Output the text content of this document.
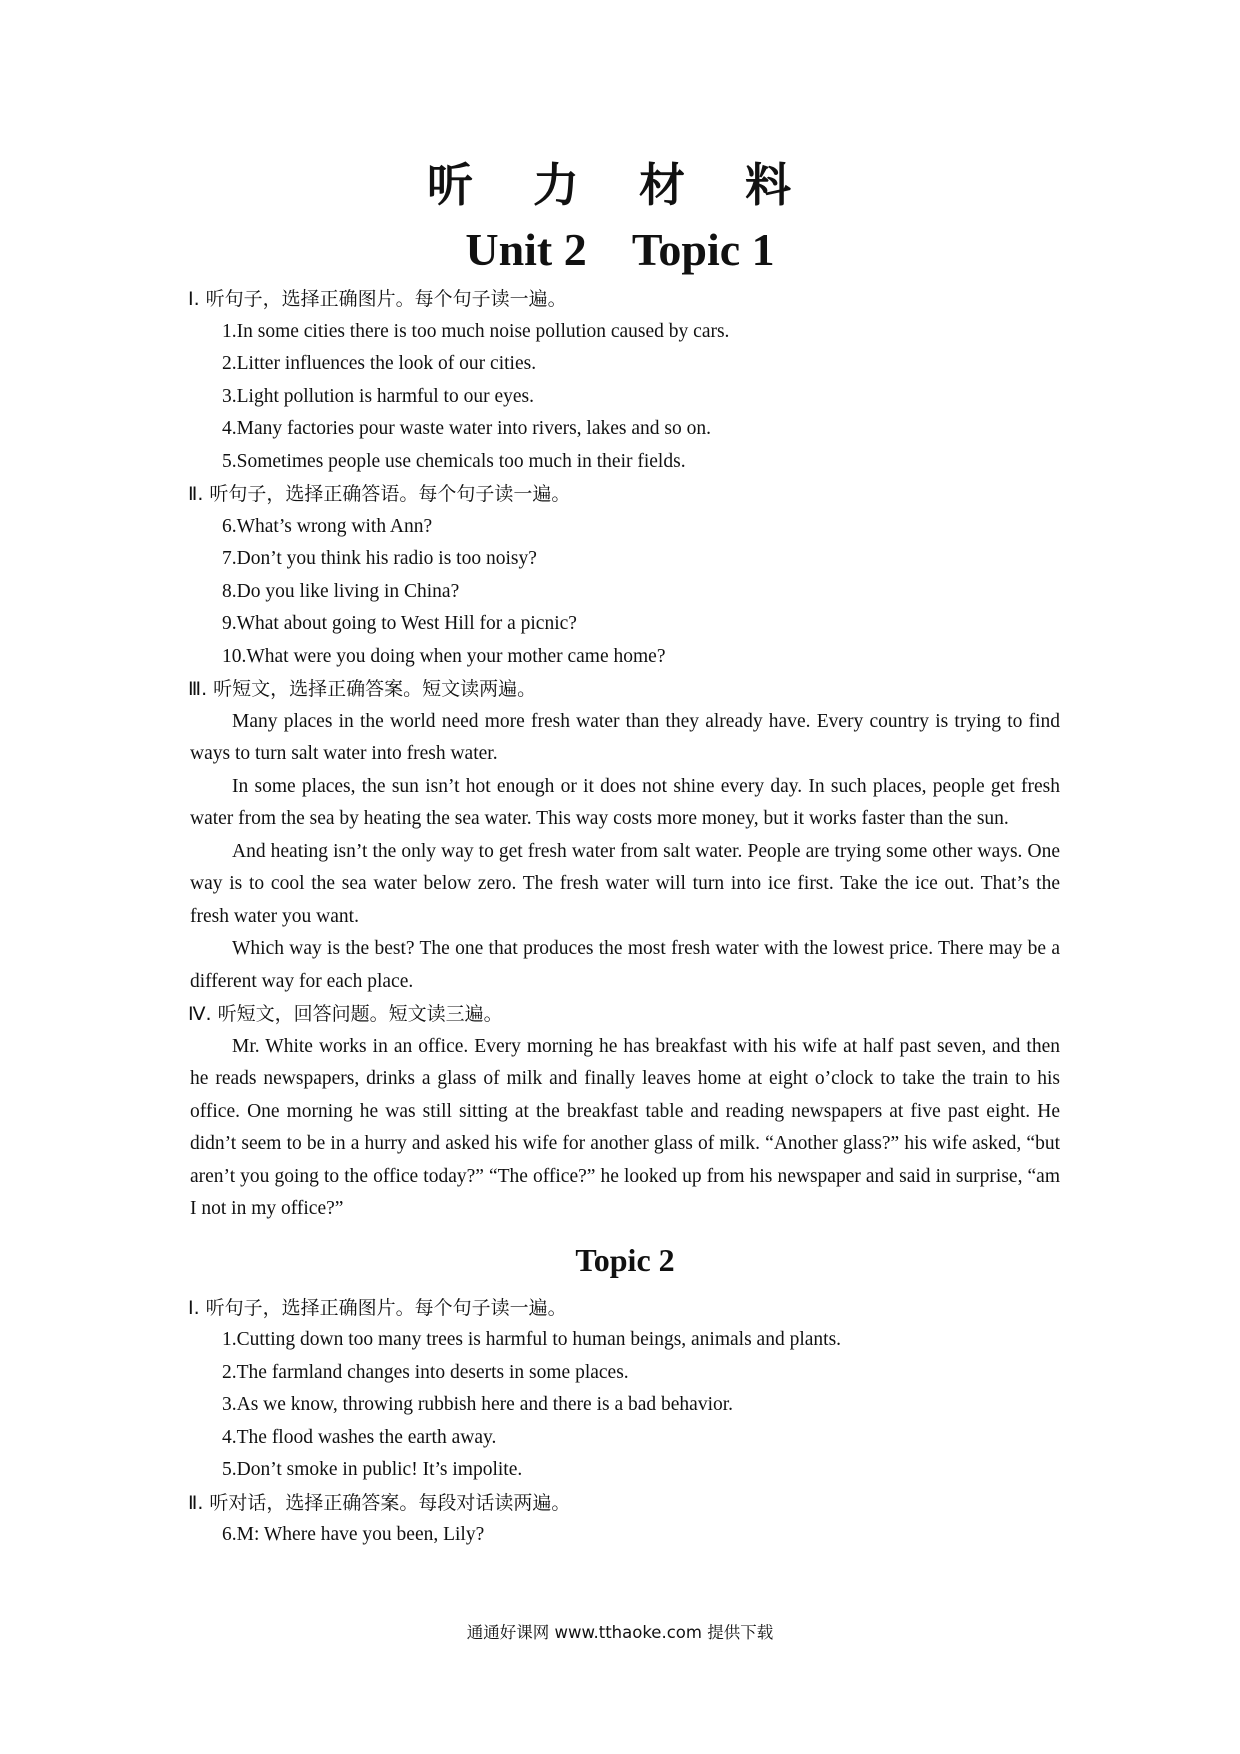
听 力 材 料
Unit 2    Topic 1
Ⅰ. 听句子，选择正确图片。每个句子读一遍。
1.In some cities there is too much noise pollution caused by cars.
2.Litter influences the look of our cities.
3.Light pollution is harmful to our eyes.
4.Many factories pour waste water into rivers, lakes and so on.
5.Sometimes people use chemicals too much in their fields.
Ⅱ. 听句子，选择正确答语。每个句子读一遍。
6.What’s wrong with Ann?
7.Don’t you think his radio is too noisy?
8.Do you like living in China?
9.What about going to West Hill for a picnic?
10.What were you doing when your mother came home?
Ⅲ. 听短文，选择正确答案。短文读两遍。
Many places in the world need more fresh water than they already have. Every country is trying to find ways to turn salt water into fresh water.
In some places, the sun isn’t hot enough or it does not shine every day. In such places, people get fresh water from the sea by heating the sea water. This way costs more money, but it works faster than the sun.
And heating isn’t the only way to get fresh water from salt water. People are trying some other ways. One way is to cool the sea water below zero. The fresh water will turn into ice first. Take the ice out. That’s the fresh water you want.
Which way is the best? The one that produces the most fresh water with the lowest price. There may be a different way for each place.
Ⅳ. 听短文，回答问题。短文读三遍。
Mr. White works in an office. Every morning he has breakfast with his wife at half past seven, and then he reads newspapers, drinks a glass of milk and finally leaves home at eight o’clock to take the train to his office. One morning he was still sitting at the breakfast table and reading newspapers at five past eight. He didn’t seem to be in a hurry and asked his wife for another glass of milk. “Another glass?” his wife asked, “but aren’t you going to the office today?” “The office?” he looked up from his newspaper and said in surprise, “am I not in my office?”
Topic 2
Ⅰ. 听句子，选择正确图片。每个句子读一遍。
1.Cutting down too many trees is harmful to human beings, animals and plants.
2.The farmland changes into deserts in some places.
3.As we know, throwing rubbish here and there is a bad behavior.
4.The flood washes the earth away.
5.Don’t smoke in public! It’s impolite.
Ⅱ. 听对话，选择正确答案。每段对话读两遍。
6.M: Where have you been, Lily?
通通好课网 www.tthaoke.com 提供下载
